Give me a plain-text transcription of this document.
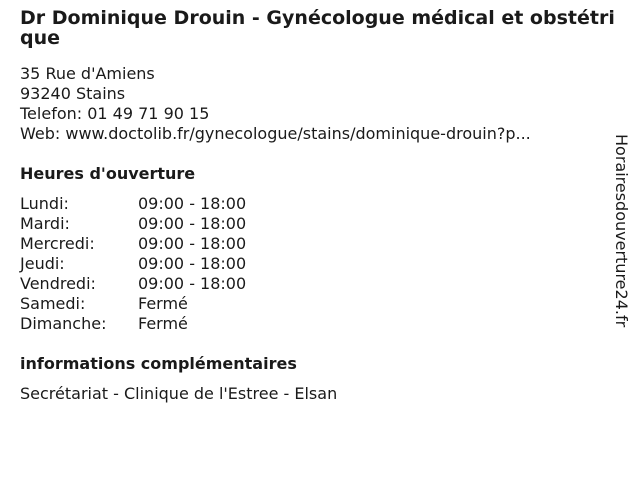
Dr Dominique Drouin - Gynécologue médical et obstétrique
35 Rue d'Amiens
93240 Stains
Telefon: 01 49 71 90 15
Web: www.doctolib.fr/gynecologue/stains/dominique-drouin?p...
Heures d'ouverture
Lundi:	09:00 - 18:00
Mardi:	09:00 - 18:00
Mercredi:	09:00 - 18:00
Jeudi:	09:00 - 18:00
Vendredi:	09:00 - 18:00
Samedi:	Fermé
Dimanche: Fermé
informations complémentaires
Secrétariat - Clinique de l'Estree - Elsan
Horairesdouverture24.fr
